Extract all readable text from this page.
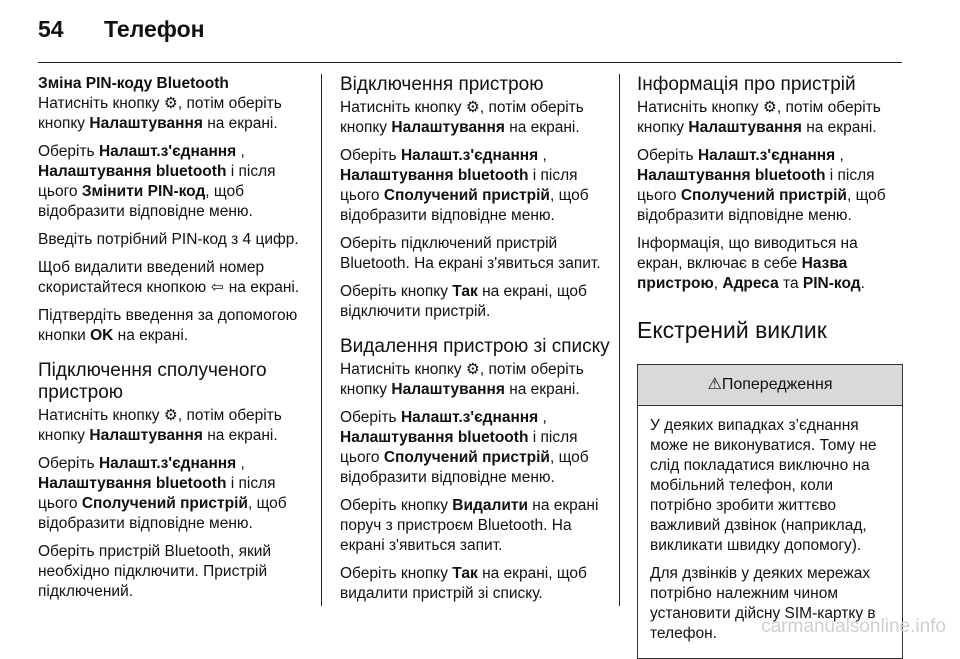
54	Телефон
Зміна PIN-коду Bluetooth

Натисніть кнопку ⚙, потім оберіть кнопку Налаштування на екрані.

Оберіть Налашт.з'єднання , Налаштування bluetooth і після цього Змінити PIN-код, щоб відобразити відповідне меню.

Введіть потрібний PIN-код з 4 цифр.

Щоб видалити введений номер скористайтеся кнопкою ⇦ на екрані.

Підтвердіть введення за допомогою кнопки OK на екрані.

Підключення сполученого пристрою

Натисніть кнопку ⚙, потім оберіть кнопку Налаштування на екрані.

Оберіть Налашт.з'єднання , Налаштування bluetooth і після цього Сполучений пристрій, щоб відобразити відповідне меню.

Оберіть пристрій Bluetooth, який необхідно підключити. Пристрій підключений.

Відключення пристрою

Натисніть кнопку ⚙, потім оберіть кнопку Налаштування на екрані.

Оберіть Налашт.з'єднання , Налаштування bluetooth і після цього Сполучений пристрій, щоб відобразити відповідне меню.

Оберіть підключений пристрій Bluetooth. На екрані з'явиться запит.

Оберіть кнопку Так на екрані, щоб відключити пристрій.

Видалення пристрою зі списку

Натисніть кнопку ⚙, потім оберіть кнопку Налаштування на екрані.

Оберіть Налашт.з'єднання , Налаштування bluetooth і після цього Сполучений пристрій, щоб відобразити відповідне меню.

Оберіть кнопку Видалити на екрані поруч з пристроєм Bluetooth. На екрані з'явиться запит.

Оберіть кнопку Так на екрані, щоб видалити пристрій зі списку.

Інформація про пристрій

Натисніть кнопку ⚙, потім оберіть кнопку Налаштування на екрані.

Оберіть Налашт.з'єднання , Налаштування bluetooth і після цього Сполучений пристрій, щоб відобразити відповідне меню.

Інформація, що виводиться на екран, включає в себе Назва пристрою, Адреса та PIN-код.

Екстрений виклик
⚠ Попередження

У деяких випадках з’єднання може не виконуватися. Тому не слід покладатися виключно на мобільний телефон, коли потрібно зробити життєво важливий дзвінок (наприклад, викликати швидку допомогу).

Для дзвінків у деяких мережах потрібно належним чином установити дійсну SIM-картку в телефон.	carmanualsonline.info
